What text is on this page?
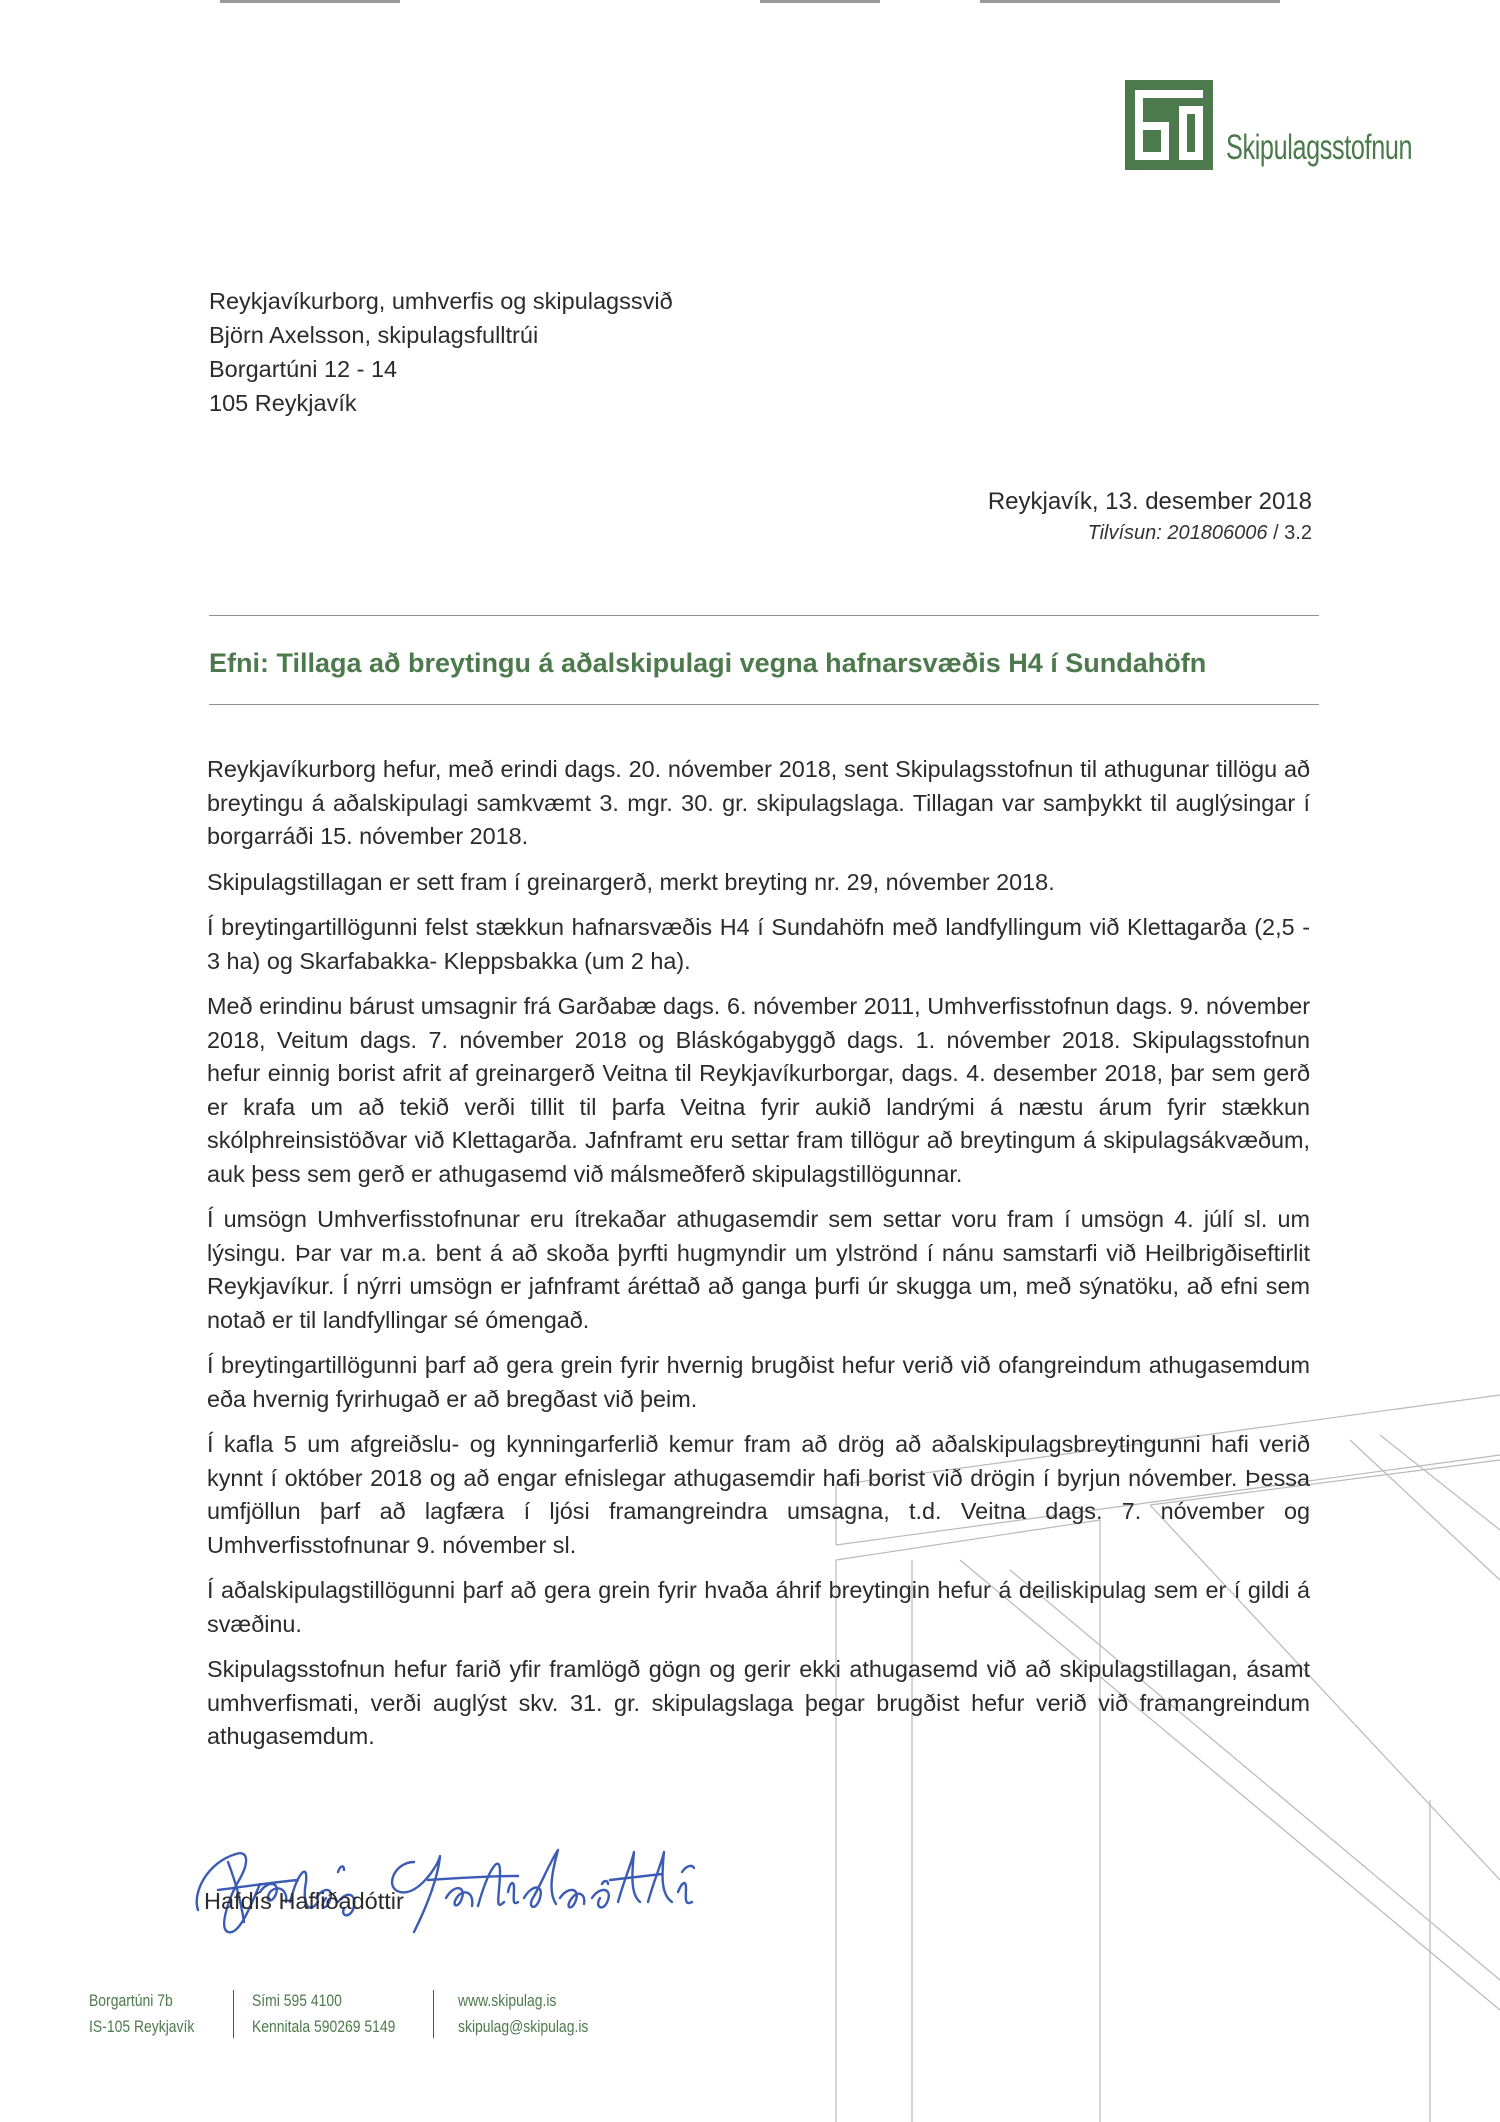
Skipulagsstofnun
Reykjavíkurborg, umhverfis og skipulagssvið
Björn Axelsson, skipulagsfulltrúi
Borgartúni 12 - 14
105 Reykjavík
Reykjavík, 13. desember 2018
Tilvísun: 201806006 / 3.2
Efni: Tillaga að breytingu á aðalskipulagi vegna hafnarsvæðis H4 í Sundahöfn

Reykjavíkurborg hefur, með erindi dags. 20. nóvember 2018, sent Skipulagsstofnun til athugunar tillögu að breytingu á aðalskipulagi samkvæmt 3. mgr. 30. gr. skipulagslaga. Tillagan var samþykkt til auglýsingar í borgarráði 15. nóvember 2018.

Skipulagstillagan er sett fram í greinargerð, merkt breyting nr. 29, nóvember 2018.

Í breytingartillögunni felst stækkun hafnarsvæðis H4 í Sundahöfn með landfyllingum við Klettagarða (2,5 - 3 ha) og Skarfabakka- Kleppsbakka (um 2 ha).

Með erindinu bárust umsagnir frá Garðabæ dags. 6. nóvember 2011, Umhverfisstofnun dags. 9. nóvember 2018, Veitum dags. 7. nóvember 2018 og Bláskógabyggð dags. 1. nóvember 2018. Skipulagsstofnun hefur einnig borist afrit af greinargerð Veitna til Reykjavíkurborgar, dags. 4. desember 2018, þar sem gerð er krafa um að tekið verði tillit til þarfa Veitna fyrir aukið landrými á næstu árum fyrir stækkun skólphreinsistöðvar við Klettagarða. Jafnframt eru settar fram tillögur að breytingum á skipulagsákvæðum, auk þess sem gerð er athugasemd við málsmeðferð skipulagstillögunnar.

Í umsögn Umhverfisstofnunar eru ítrekaðar athugasemdir sem settar voru fram í umsögn 4. júlí sl. um lýsingu. Þar var m.a. bent á að skoða þyrfti hugmyndir um ylströnd í nánu samstarfi við Heilbrigðiseftirlit Reykjavíkur. Í nýrri umsögn er jafnframt áréttað að ganga þurfi úr skugga um, með sýnatöku, að efni sem notað er til landfyllingar sé ómengað.

Í breytingartillögunni þarf að gera grein fyrir hvernig brugðist hefur verið við ofangreindum athugasemdum eða hvernig fyrirhugað er að bregðast við þeim.

Í kafla 5 um afgreiðslu- og kynningarferlið kemur fram að drög að aðalskipulagsbreytingunni hafi verið kynnt í október 2018 og að engar efnislegar athugasemdir hafi borist við drögin í byrjun nóvember. Þessa umfjöllun þarf að lagfæra í ljósi framangreindra umsagna, t.d. Veitna dags. 7. nóvember og Umhverfisstofnunar 9. nóvember sl.

Í aðalskipulagstillögunni þarf að gera grein fyrir hvaða áhrif breytingin hefur á deiliskipulag sem er í gildi á svæðinu.

Skipulagsstofnun hefur farið yfir framlögð gögn og gerir ekki athugasemd við að skipulagstillagan, ásamt umhverfismati, verði auglýst skv. 31. gr. skipulagslaga þegar brugðist hefur verið við framangreindum athugasemdum.

Hafdís Hafliðadóttir
Borgartúni 7b
IS-105 Reykjavík
Sími 595 4100
Kennitala 590269 5149
www.skipulag.is
skipulag@skipulag.is
